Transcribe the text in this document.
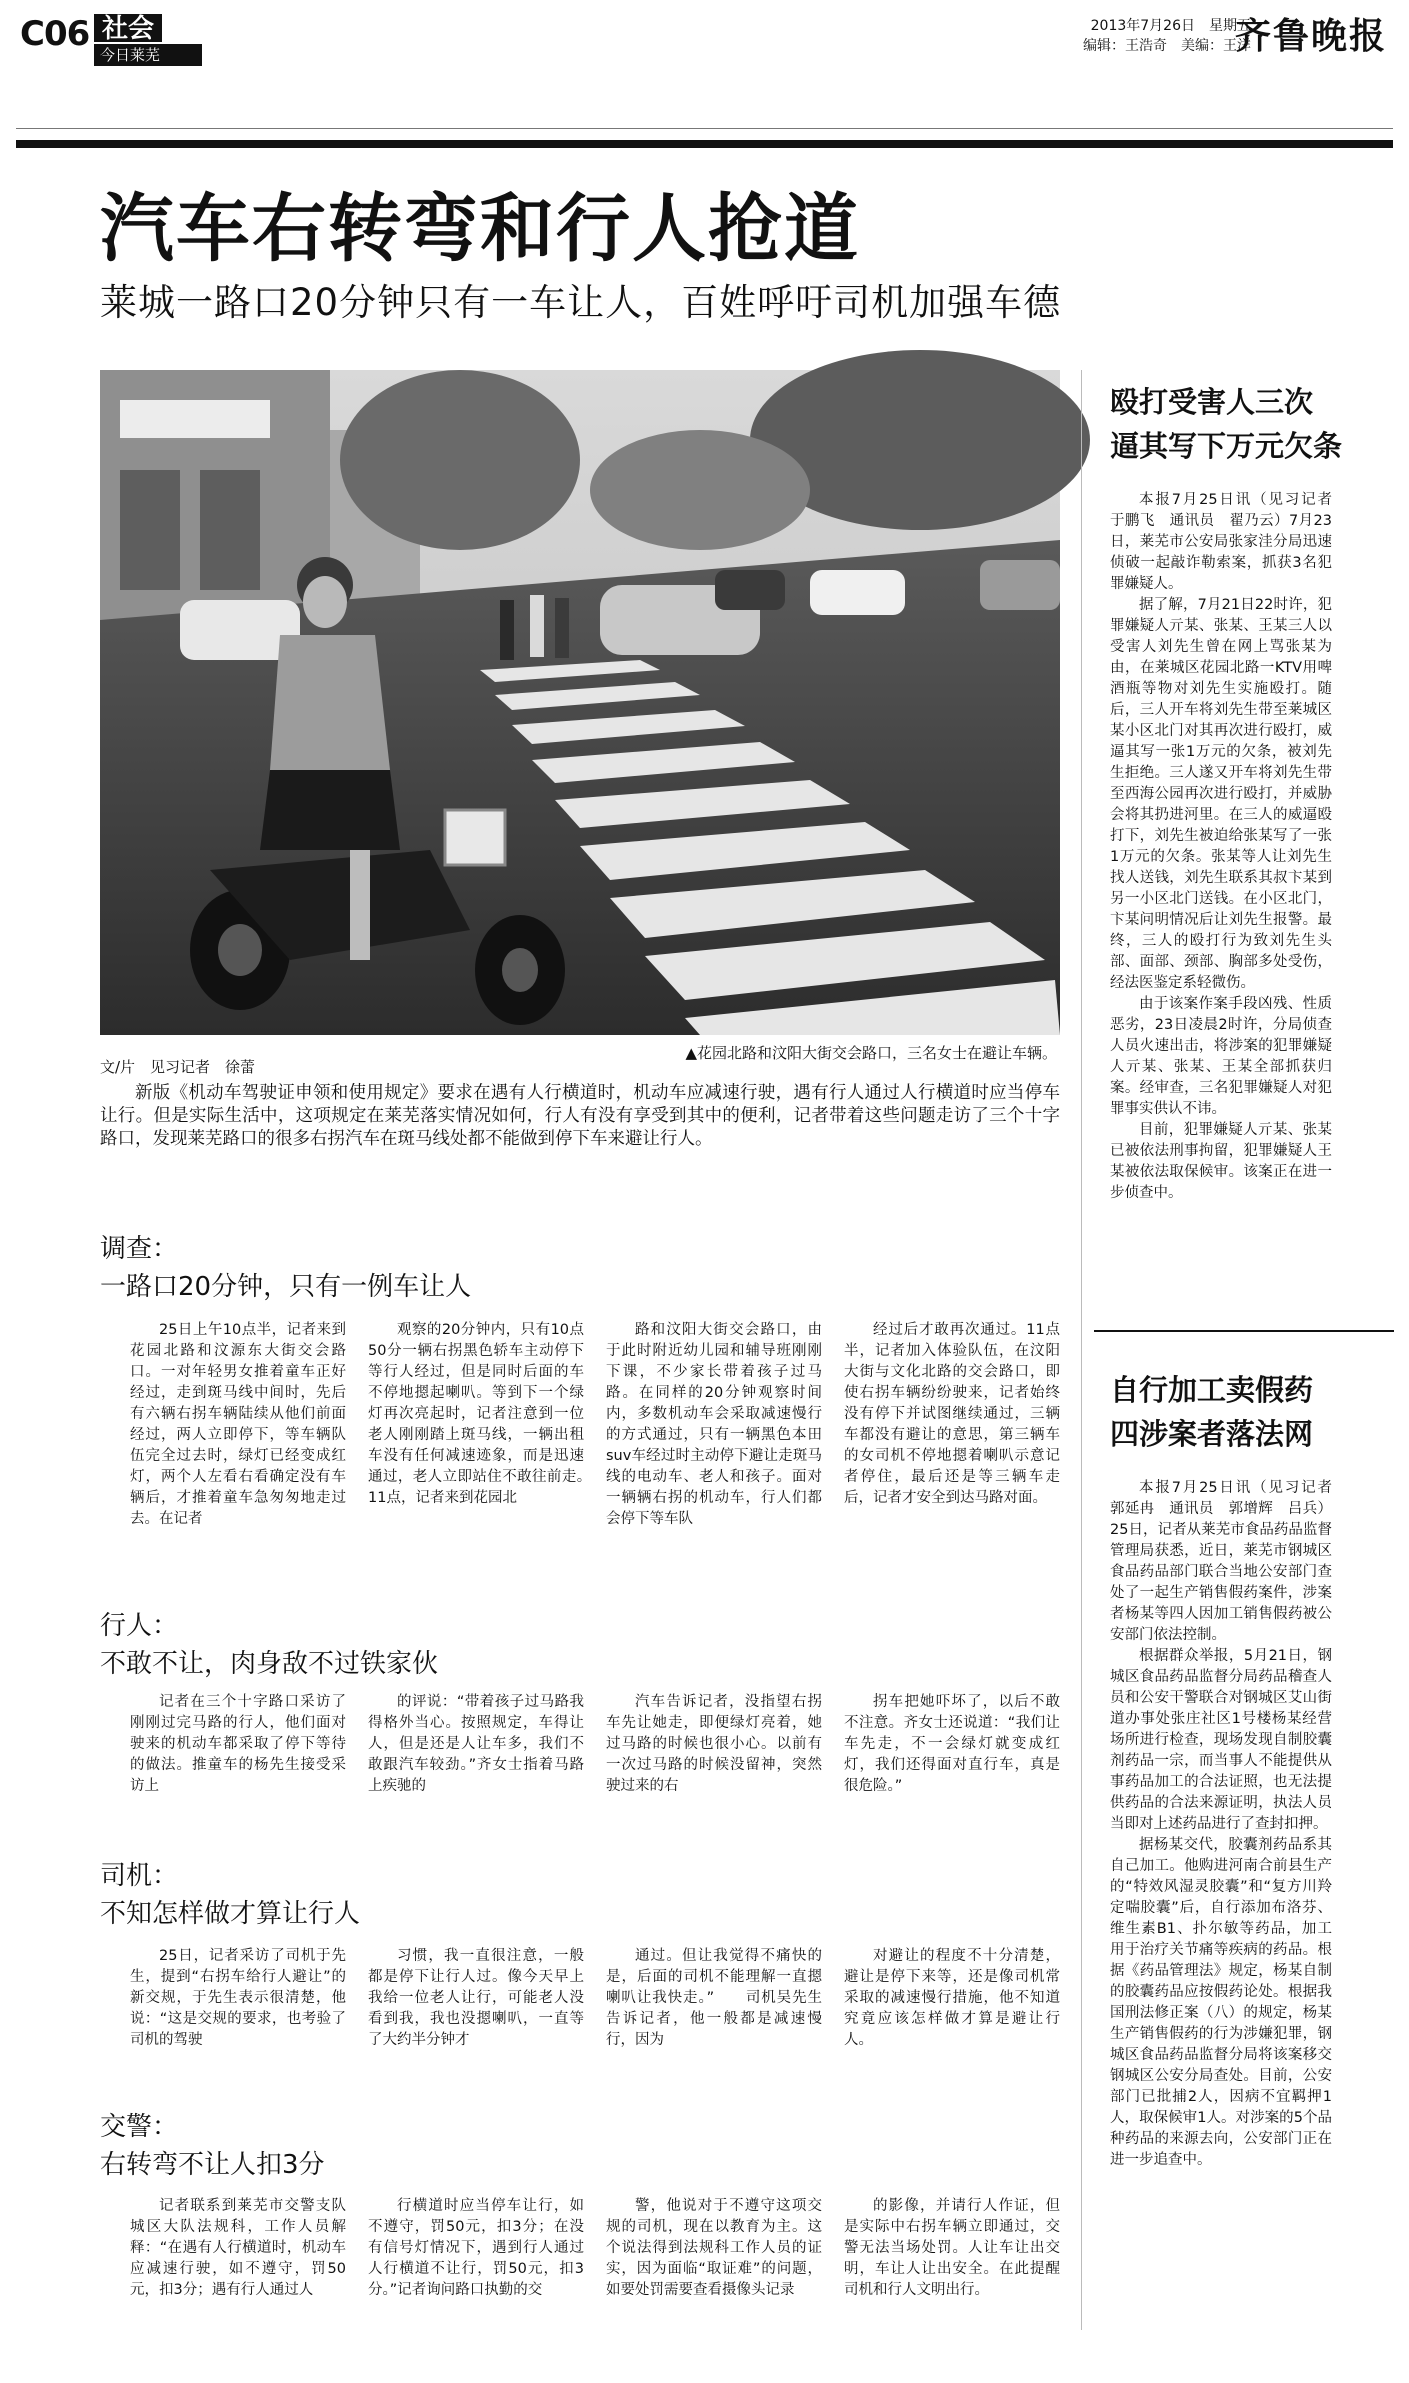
C06 社会
今日莱芜
2013年7月26日　星期五
编辑：王浩奇　美编：王洋
齐鲁晚报
汽车右转弯和行人抢道
莱城一路口20分钟只有一车让人，百姓呼吁司机加强车德
文/片　见习记者　徐蕾
▲花园北路和汶阳大街交会路口，三名女士在避让车辆。
新版《机动车驾驶证申领和使用规定》要求在遇有人行横道时，机动车应减速行驶，遇有行人通过人行横道时应当停车让行。但是实际生活中，这项规定在莱芜落实情况如何，行人有没有享受到其中的便利，记者带着这些问题走访了三个十字路口，发现莱芜路口的很多右拐汽车在斑马线处都不能做到停下车来避让行人。
调查：
一路口20分钟，只有一例车让人

25日上午10点半，记者来到花园北路和汶源东大街交会路口。一对年轻男女推着童车正好经过，走到斑马线中间时，先后有六辆右拐车辆陆续从他们前面经过，两人立即停下，等车辆队伍完全过去时，绿灯已经变成红灯，两个人左看右看确定没有车辆后，才推着童车急匆匆地走过去。在记者

观察的20分钟内，只有10点50分一辆右拐黑色轿车主动停下等行人经过，但是同时后面的车不停地摁起喇叭。等到下一个绿灯再次亮起时，记者注意到一位老人刚刚踏上斑马线，一辆出租车没有任何减速迹象，而是迅速通过，老人立即站住不敢往前走。　　11点，记者来到花园北

路和汶阳大街交会路口，由于此时附近幼儿园和辅导班刚刚下课，不少家长带着孩子过马路。在同样的20分钟观察时间内，多数机动车会采取减速慢行的方式通过，只有一辆黑色本田suv车经过时主动停下避让走斑马线的电动车、老人和孩子。面对一辆辆右拐的机动车，行人们都会停下等车队

经过后才敢再次通过。11点半，记者加入体验队伍，在汶阳大街与文化北路的交会路口，即使右拐车辆纷纷驶来，记者始终没有停下并试图继续通过，三辆车都没有避让的意思，第三辆车的女司机不停地摁着喇叭示意记者停住，最后还是等三辆车走后，记者才安全到达马路对面。

行人：
不敢不让，肉身敌不过铁家伙

记者在三个十字路口采访了刚刚过完马路的行人，他们面对驶来的机动车都采取了停下等待的做法。推童车的杨先生接受采访上

的评说：“带着孩子过马路我得格外当心。按照规定，车得让人，但是还是人让车多，我们不敢跟汽车较劲。”齐女士指着马路上疾驰的

汽车告诉记者，没指望右拐车先让她走，即便绿灯亮着，她过马路的时候也很小心。以前有一次过马路的时候没留神，突然驶过来的右

拐车把她吓坏了，以后不敢不注意。齐女士还说道：“我们让车先走，不一会绿灯就变成红灯，我们还得面对直行车，真是很危险。”

司机：
不知怎样做才算让行人

25日，记者采访了司机于先生，提到“右拐车给行人避让”的新交规，于先生表示很清楚，他说：“这是交规的要求，也考验了司机的驾驶

习惯，我一直很注意，一般都是停下让行人过。像今天早上我给一位老人让行，可能老人没看到我，我也没摁喇叭，一直等了大约半分钟才

通过。但让我觉得不痛快的是，后面的司机不能理解一直摁喇叭让我快走。”　　司机吴先生告诉记者，他一般都是减速慢行，因为

对避让的程度不十分清楚，避让是停下来等，还是像司机常采取的减速慢行措施，他不知道究竟应该怎样做才算是避让行人。

交警：
右转弯不让人扣3分

记者联系到莱芜市交警支队城区大队法规科，工作人员解释：“在遇有人行横道时，机动车应减速行驶，如不遵守，罚50元，扣3分；遇有行人通过人

行横道时应当停车让行，如不遵守，罚50元，扣3分；在没有信号灯情况下，遇到行人通过人行横道不让行，罚50元，扣3分。”记者询问路口执勤的交

警，他说对于不遵守这项交规的司机，现在以教育为主。这个说法得到法规科工作人员的证实，因为面临“取证难”的问题，如要处罚需要查看摄像头记录

的影像，并请行人作证，但是实际中右拐车辆立即通过，交警无法当场处罚。人让车让出交明，车让人让出安全。在此提醒司机和行人文明出行。

殴打受害人三次
逼其写下万元欠条

本报7月25日讯（见习记者　于鹏飞　通讯员　翟乃云）7月23日，莱芜市公安局张家洼分局迅速侦破一起敲诈勒索案，抓获3名犯罪嫌疑人。

据了解，7月21日22时许，犯罪嫌疑人亓某、张某、王某三人以受害人刘先生曾在网上骂张某为由，在莱城区花园北路一KTV用啤酒瓶等物对刘先生实施殴打。随后，三人开车将刘先生带至莱城区某小区北门对其再次进行殴打，威逼其写一张1万元的欠条，被刘先生拒绝。三人遂又开车将刘先生带至西海公园再次进行殴打，并威胁会将其扔进河里。在三人的威逼殴打下，刘先生被迫给张某写了一张1万元的欠条。张某等人让刘先生找人送钱，刘先生联系其叔卞某到另一小区北门送钱。在小区北门，卞某问明情况后让刘先生报警。最终，三人的殴打行为致刘先生头部、面部、颈部、胸部多处受伤，经法医鉴定系轻微伤。

由于该案作案手段凶残、性质恶劣，23日凌晨2时许，分局侦查人员火速出击，将涉案的犯罪嫌疑人亓某、张某、王某全部抓获归案。经审查，三名犯罪嫌疑人对犯罪事实供认不讳。

目前，犯罪嫌疑人亓某、张某已被依法刑事拘留，犯罪嫌疑人王某被依法取保候审。该案正在进一步侦查中。

自行加工卖假药
四涉案者落法网

本报7月25日讯（见习记者　郭延冉　通讯员　郭增辉　吕兵）25日，记者从莱芜市食品药品监督管理局获悉，近日，莱芜市钢城区食品药品部门联合当地公安部门查处了一起生产销售假药案件，涉案者杨某等四人因加工销售假药被公安部门依法控制。

根据群众举报，5月21日，钢城区食品药品监督分局药品稽查人员和公安干警联合对钢城区艾山街道办事处张庄社区1号楼杨某经营场所进行检查，现场发现自制胶囊剂药品一宗，而当事人不能提供从事药品加工的合法证照，也无法提供药品的合法来源证明，执法人员当即对上述药品进行了查封扣押。

据杨某交代，胶囊剂药品系其自己加工。他购进河南合前县生产的“特效风湿灵胶囊”和“复方川羚定喘胶囊”后，自行添加布洛芬、维生素B1、扑尔敏等药品，加工用于治疗关节痛等疾病的药品。根据《药品管理法》规定，杨某自制的胶囊药品应按假药论处。根据我国刑法修正案（八）的规定，杨某生产销售假药的行为涉嫌犯罪，钢城区食品药品监督分局将该案移交钢城区公安分局查处。目前，公安部门已批捕2人，因病不宜羁押1人，取保候审1人。对涉案的5个品种药品的来源去向，公安部门正在进一步追查中。
